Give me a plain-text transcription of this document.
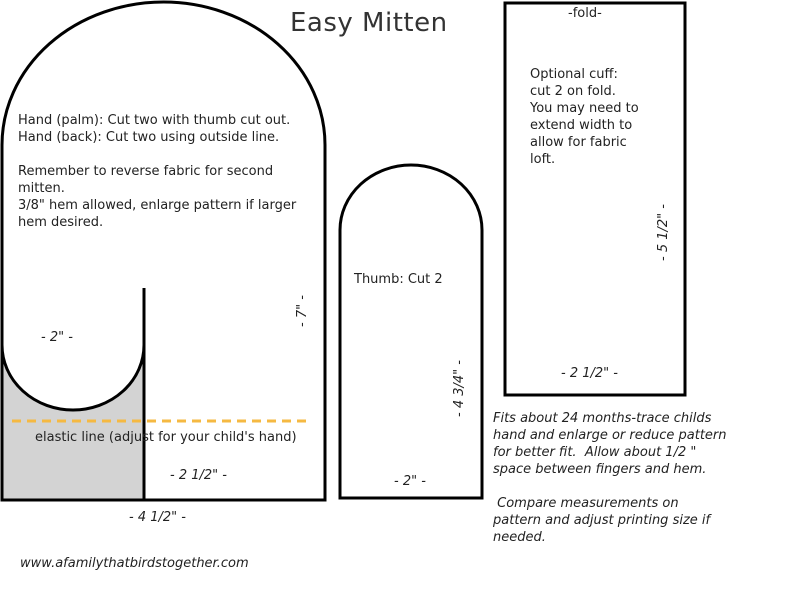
Easy Mitten
Hand (palm): Cut two with thumb cut out.
Hand (back): Cut two using outside line.
Remember to reverse fabric for second
mitten.
3/8" hem allowed, enlarge pattern if larger
hem desired.
- 2" -
- 7" -
elastic line (adjust for your child's hand)
- 2 1/2" -
- 4 1/2" -
Thumb: Cut 2
- 4 3/4" -
- 2" -
-fold-
Optional cuff:
cut 2 on fold.
You may need to
extend width to
allow for fabric
loft.
- 5 1/2" -
- 2 1/2" -
Fits about 24 months-trace childs
hand and enlarge or reduce pattern
for better fit.  Allow about 1/2 "
space between fingers and hem.
Compare measurements on
pattern and adjust printing size if
needed.
www.afamilythatbirdstogether.com
